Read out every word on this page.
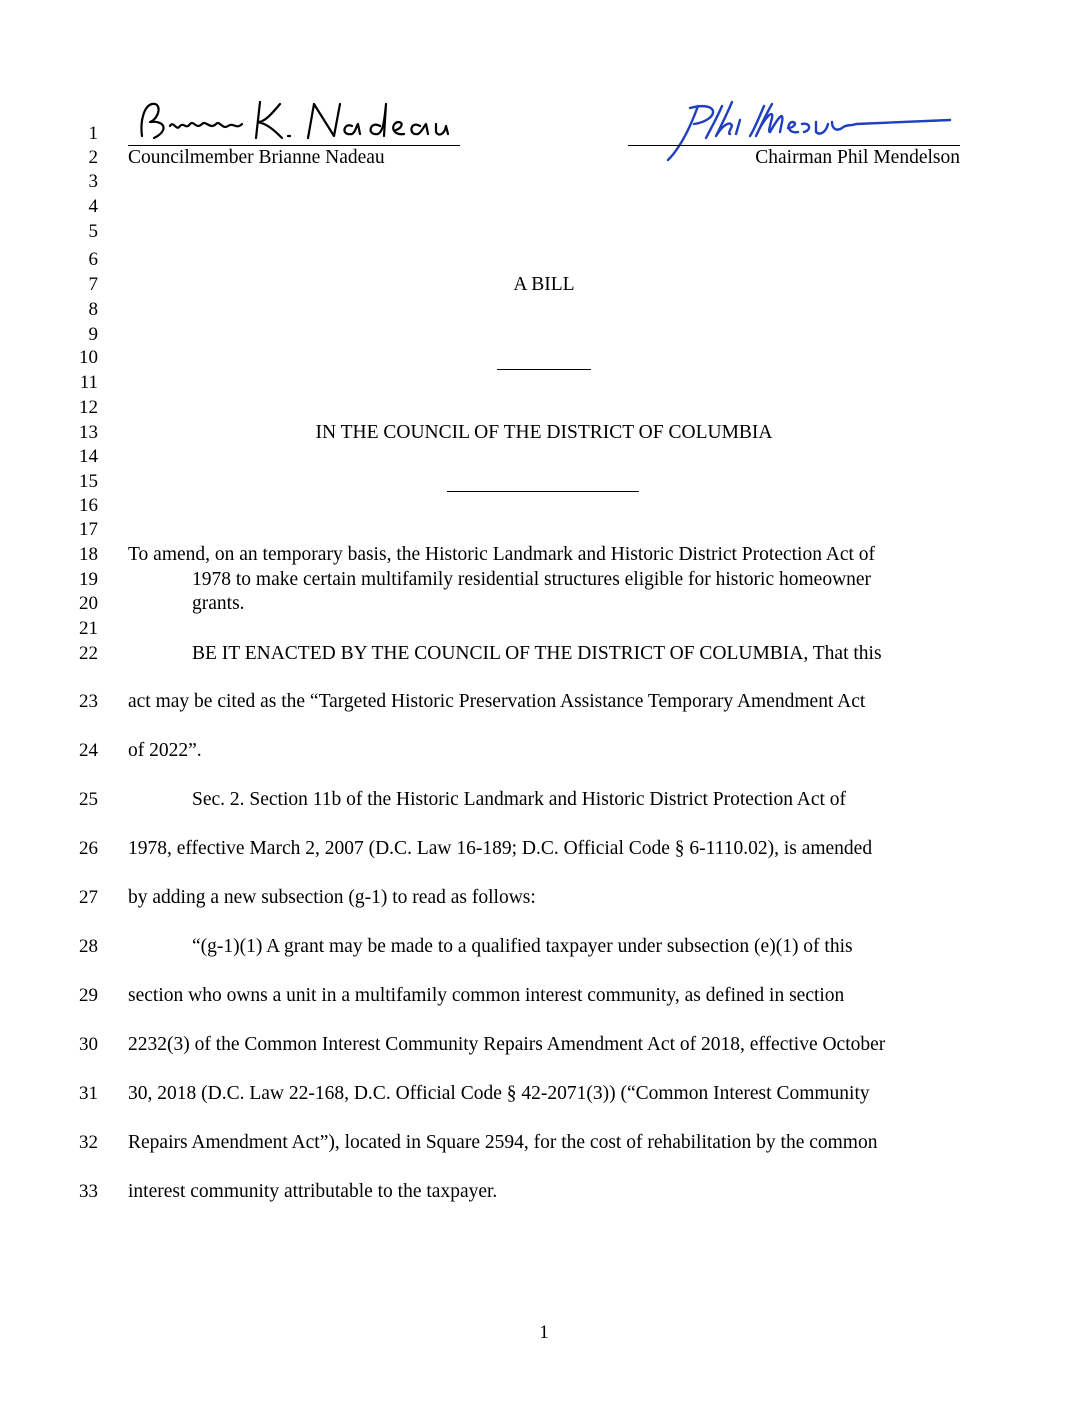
Councilmember Brianne Nadeau	Chairman Phil Mendelson
1
2
3
4
5
6
7
8
9
10
11
12
13
14
15
16
17
18
19
20
21
22
23
24
25
26
27
28
29
30
31
32
33
A BILL
IN THE COUNCIL OF THE DISTRICT OF COLUMBIA
To amend, on an temporary basis, the Historic Landmark and Historic District Protection Act of
1978 to make certain multifamily residential structures eligible for historic homeowner
grants.
BE IT ENACTED BY THE COUNCIL OF THE DISTRICT OF COLUMBIA, That this
act may be cited as the “Targeted Historic Preservation Assistance Temporary Amendment Act
of 2022”.
Sec. 2. Section 11b of the Historic Landmark and Historic District Protection Act of
1978, effective March 2, 2007 (D.C. Law 16-189; D.C. Official Code § 6-1110.02), is amended
by adding a new subsection (g-1) to read as follows:
“(g-1)(1) A grant may be made to a qualified taxpayer under subsection (e)(1) of this
section who owns a unit in a multifamily common interest community, as defined in section
2232(3) of the Common Interest Community Repairs Amendment Act of 2018, effective October
30, 2018 (D.C. Law 22-168, D.C. Official Code § 42-2071(3)) (“Common Interest Community
Repairs Amendment Act”), located in Square 2594, for the cost of rehabilitation by the common
interest community attributable to the taxpayer.
1
